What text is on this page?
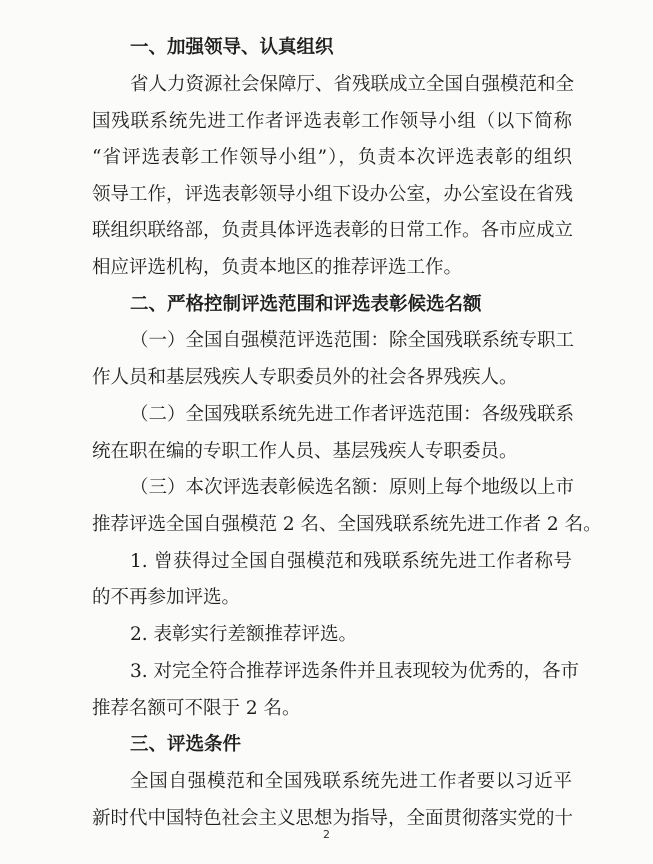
一、加强领导、认真组织
省人力资源社会保障厅、省残联成立全国自强模范和全
国残联系统先进工作者评选表彰工作领导小组（以下简称
“省评选表彰工作领导小组”），负责本次评选表彰的组织
领导工作，评选表彰领导小组下设办公室，办公室设在省残
联组织联络部，负责具体评选表彰的日常工作。各市应成立
相应评选机构，负责本地区的推荐评选工作。
二、严格控制评选范围和评选表彰候选名额
（一）全国自强模范评选范围：除全国残联系统专职工
作人员和基层残疾人专职委员外的社会各界残疾人。
（二）全国残联系统先进工作者评选范围：各级残联系
统在职在编的专职工作人员、基层残疾人专职委员。
（三）本次评选表彰候选名额：原则上每个地级以上市
推荐评选全国自强模范 2 名、全国残联系统先进工作者 2 名。
1. 曾获得过全国自强模范和残联系统先进工作者称号
的不再参加评选。
2. 表彰实行差额推荐评选。
3. 对完全符合推荐评选条件并且表现较为优秀的，各市
推荐名额可不限于 2 名。
三、评选条件
全国自强模范和全国残联系统先进工作者要以习近平
新时代中国特色社会主义思想为指导，全面贯彻落实党的十
2
